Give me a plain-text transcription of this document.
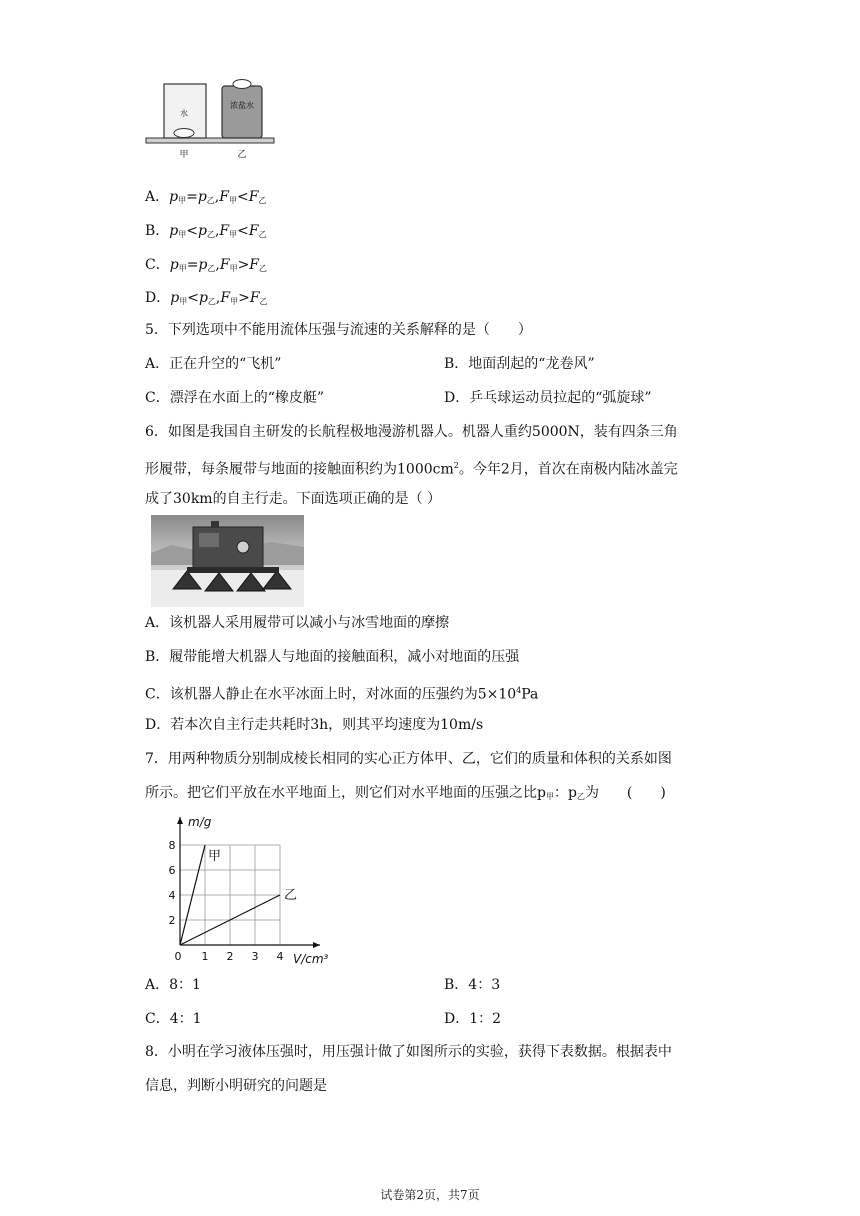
水
浓盐水
甲	乙
A．$p_甲=p_乙,F_甲<F_乙$
B．$p_甲<p_乙,F_甲<F_乙$
C．$p_甲=p_乙,F_甲>F_乙$
D．$p_甲<p_乙,F_甲>F_乙$
5．下列选项中不能用流体压强与流速的关系解释的是（　　）
A．正在升空的“飞机”	B．地面刮起的“龙卷风”
C．漂浮在水面上的“橡皮艇”	D．乒乓球运动员拉起的“弧旋球”
6．如图是我国自主研发的长航程极地漫游机器人。机器人重约5000N，装有四条三角
形履带，每条履带与地面的接触面积约为$1000cm^2$。今年2月，首次在南极内陆冰盖完
成了30km的自主行走。下面选项正确的是（ ）
A．该机器人采用履带可以减小与冰雪地面的摩擦
B．履带能增大机器人与地面的接触面积，减小对地面的压强
C．该机器人静止在水平冰面上时，对冰面的压强约为$5\times 10^4Pa$
D．若本次自主行走共耗时3h，则其平均速度为10m/s
7．用两种物质分别制成棱长相同的实心正方体甲、乙，它们的质量和体积的关系如图
所示。把它们平放在水平地面上，则它们对水平地面的压强之比$p_甲$：$p_乙$为　　(　　)
0 1 2 3 4
2
4
6
8
m/g
V/cm³
甲
乙
A．8：1	B．4：3
C．4：1	D．1：2
8．小明在学习液体压强时，用压强计做了如图所示的实验，获得下表数据。根据表中
信息，判断小明研究的问题是
试卷第2页，共7页
